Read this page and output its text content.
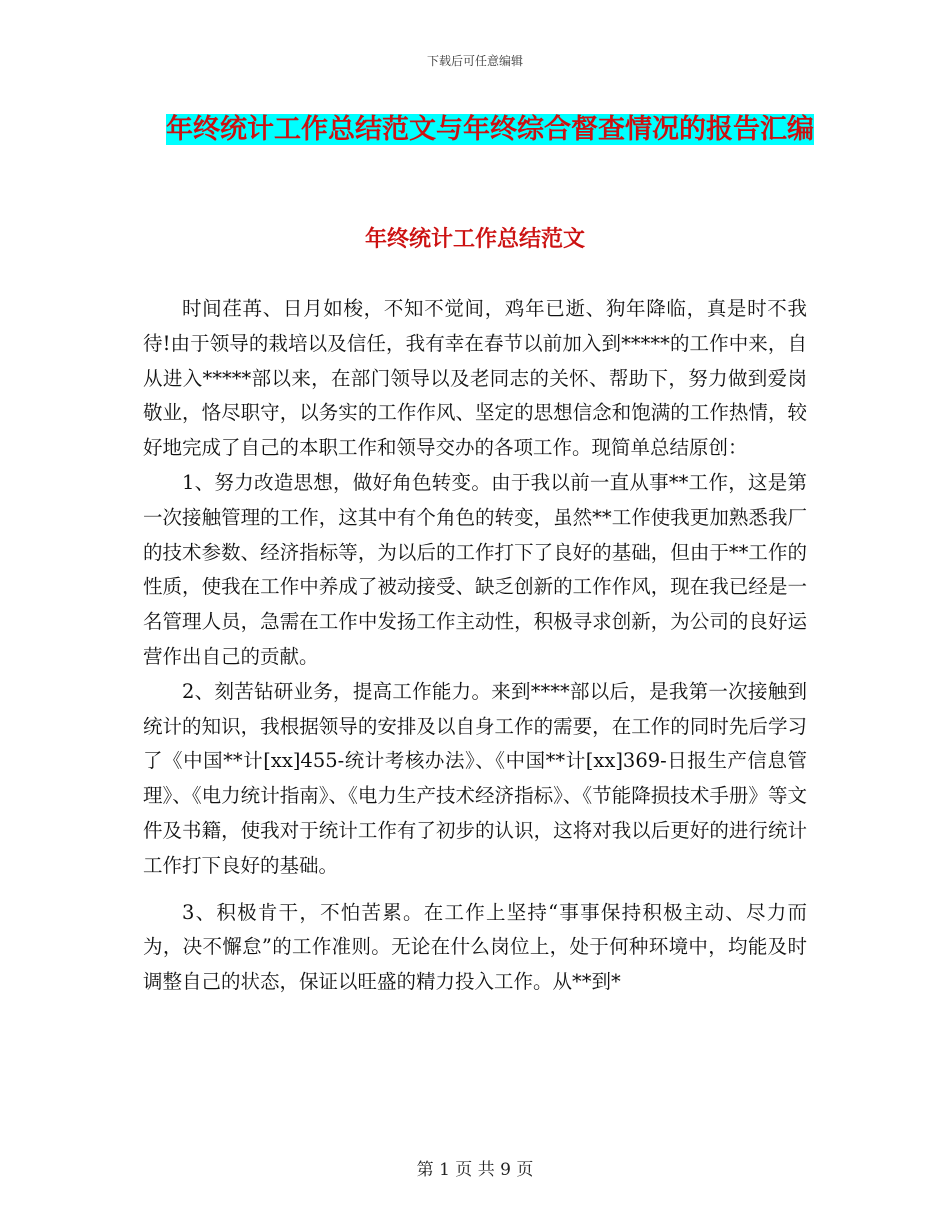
下载后可任意编辑
年终统计工作总结范文与年终综合督查情况的报告汇编
年终统计工作总结范文

时间荏苒、日月如梭，不知不觉间，鸡年已逝、狗年降临，真是时不我待!由于领导的栽培以及信任，我有幸在春节以前加入到*****的工作中来，自从进入*****部以来，在部门领导以及老同志的关怀、帮助下，努力做到爱岗敬业，恪尽职守，以务实的工作作风、坚定的思想信念和饱满的工作热情，较好地完成了自己的本职工作和领导交办的各项工作。现简单总结原创：

1、努力改造思想，做好角色转变。由于我以前一直从事**工作，这是第一次接触管理的工作，这其中有个角色的转变，虽然**工作使我更加熟悉我厂的技术参数、经济指标等，为以后的工作打下了良好的基础，但由于**工作的性质，使我在工作中养成了被动接受、缺乏创新的工作作风，现在我已经是一名管理人员，急需在工作中发扬工作主动性，积极寻求创新，为公司的良好运营作出自己的贡献。

2、刻苦钻研业务，提高工作能力。来到****部以后，是我第一次接触到统计的知识，我根据领导的安排及以自身工作的需要，在工作的同时先后学习了《中国**计[xx]455-统计考核办法》、《中国**计[xx]369-日报生产信息管理》、《电力统计指南》、《电力生产技术经济指标》、《节能降损技术手册》等文件及书籍，使我对于统计工作有了初步的认识，这将对我以后更好的进行统计工作打下良好的基础。

3、积极肯干，不怕苦累。在工作上坚持“事事保持积极主动、尽力而为，决不懈怠”的工作准则。无论在什么岗位上，处于何种环境中，均能及时调整自己的状态，保证以旺盛的精力投入工作。从**到*

第 1 页 共 9 页
